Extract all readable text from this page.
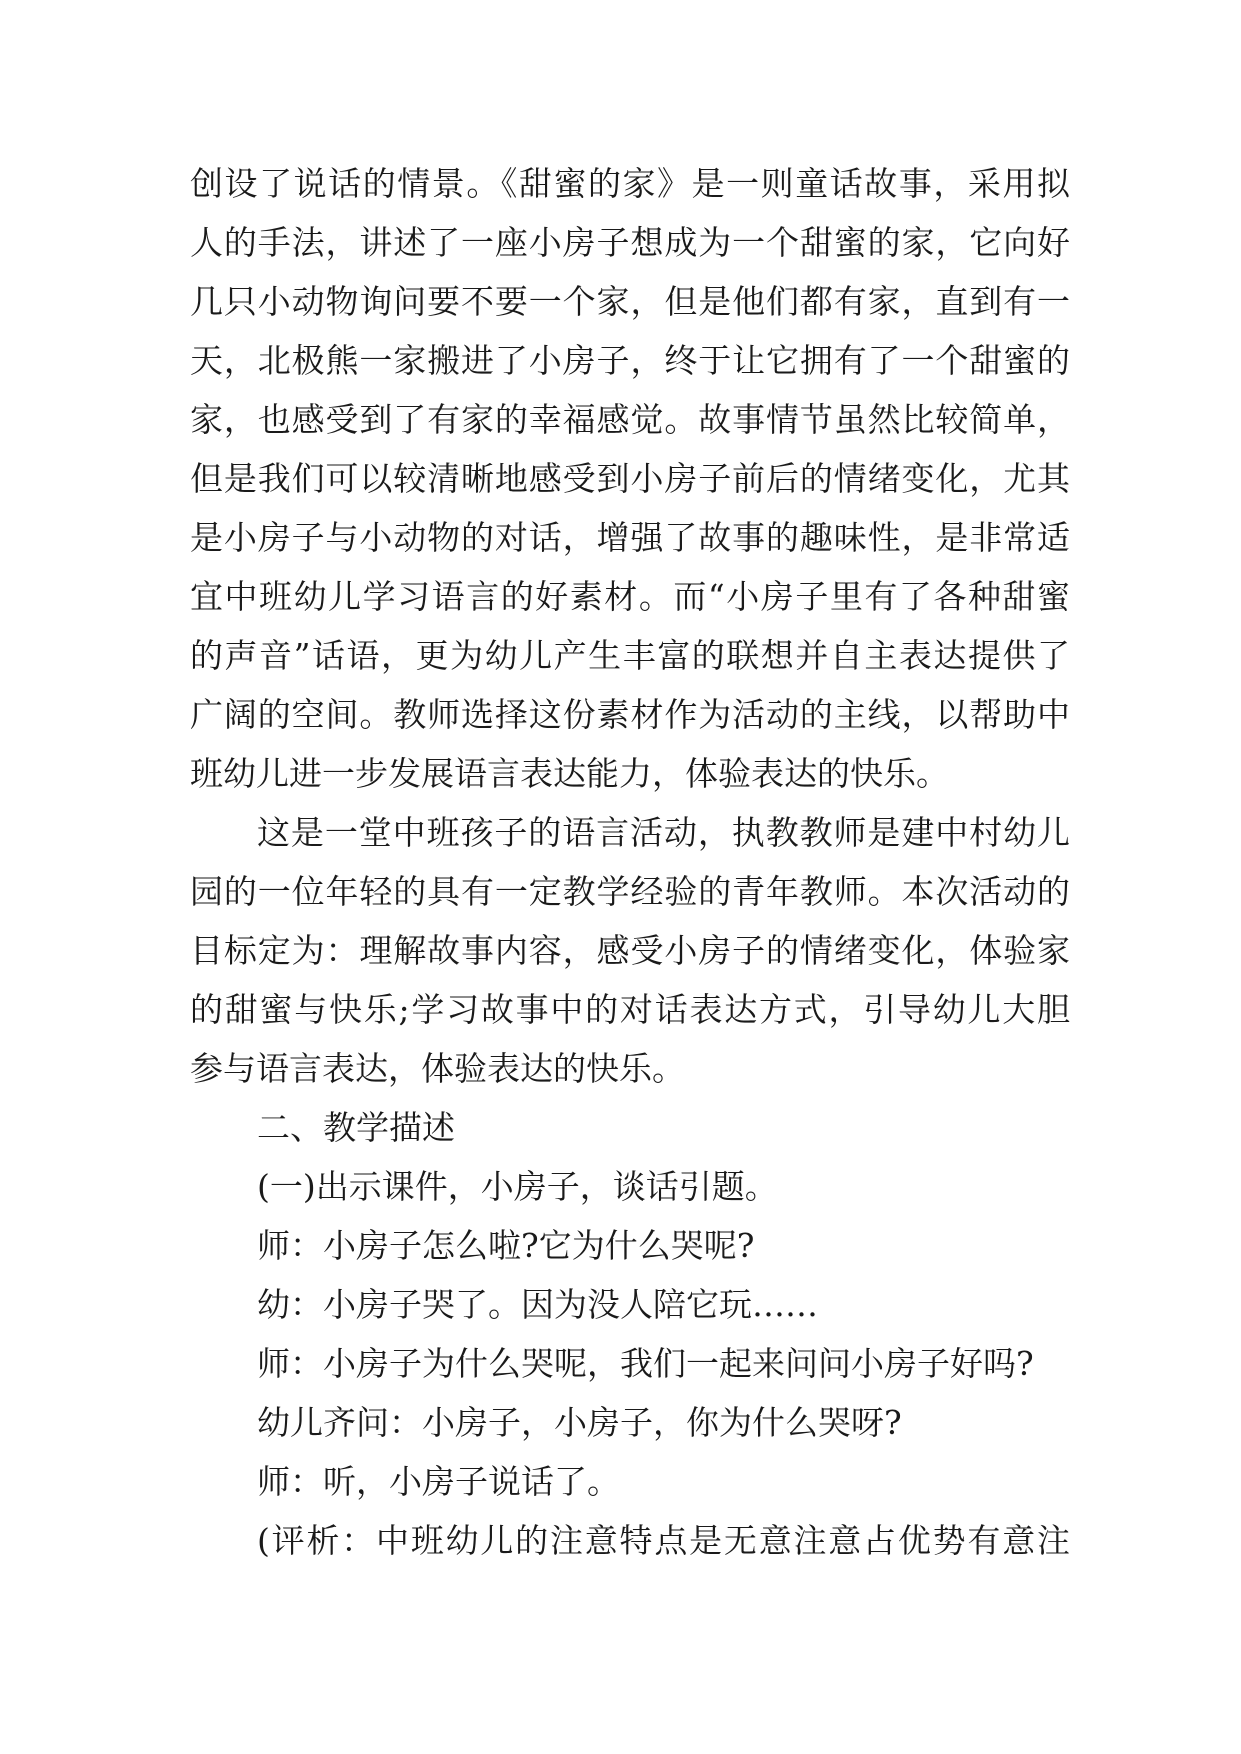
创设了说话的情景。《甜蜜的家》是一则童话故事，采用拟
人的手法，讲述了一座小房子想成为一个甜蜜的家，它向好
几只小动物询问要不要一个家，但是他们都有家，直到有一
天，北极熊一家搬进了小房子，终于让它拥有了一个甜蜜的
家，也感受到了有家的幸福感觉。故事情节虽然比较简单，
但是我们可以较清晰地感受到小房子前后的情绪变化，尤其
是小房子与小动物的对话，增强了故事的趣味性，是非常适
宜中班幼儿学习语言的好素材。而“小房子里有了各种甜蜜
的声音”话语，更为幼儿产生丰富的联想并自主表达提供了
广阔的空间。教师选择这份素材作为活动的主线，以帮助中
班幼儿进一步发展语言表达能力，体验表达的快乐。
这是一堂中班孩子的语言活动，执教教师是建中村幼儿
园的一位年轻的具有一定教学经验的青年教师。本次活动的
目标定为：理解故事内容，感受小房子的情绪变化，体验家
的甜蜜与快乐;学习故事中的对话表达方式，引导幼儿大胆
参与语言表达，体验表达的快乐。
二、教学描述
(一)出示课件，小房子，谈话引题。
师：小房子怎么啦?它为什么哭呢?
幼：小房子哭了。因为没人陪它玩……
师：小房子为什么哭呢，我们一起来问问小房子好吗?
幼儿齐问：小房子，小房子，你为什么哭呀?
师：听，小房子说话了。
(评析：中班幼儿的注意特点是无意注意占优势有意注
